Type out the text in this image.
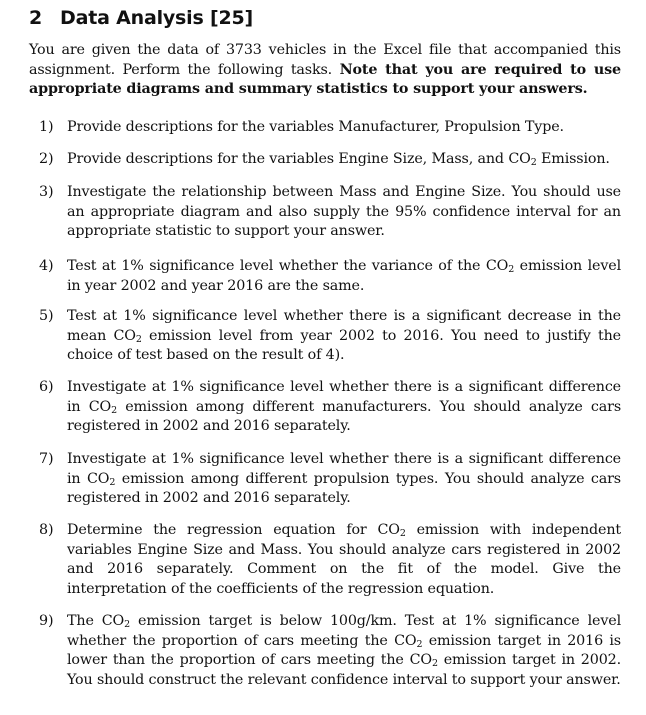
2 Data Analysis [25]
You are given the data of 3733 vehicles in the Excel file that accompanied this assignment. Perform the following tasks. Note that you are required to use appropriate diagrams and summary statistics to support your answers.
1) Provide descriptions for the variables Manufacturer, Propulsion Type.
2) Provide descriptions for the variables Engine Size, Mass, and $CO_2$ Emission.
3) Investigate the relationship between Mass and Engine Size. You should use an appropriate diagram and also supply the 95% confidence interval for an appropriate statistic to support your answer.
4) Test at 1% significance level whether the variance of the $CO_2$ emission level in year 2002 and year 2016 are the same.
5) Test at 1% significance level whether there is a significant decrease in the mean $CO_2$ emission level from year 2002 to 2016. You need to justify the choice of test based on the result of 4).
6) Investigate at 1% significance level whether there is a significant difference in $CO_2$ emission among different manufacturers. You should analyze cars registered in 2002 and 2016 separately.
7) Investigate at 1% significance level whether there is a significant difference in $CO_2$ emission among different propulsion types. You should analyze cars registered in 2002 and 2016 separately.
8) Determine the regression equation for $CO_2$ emission with independent variables Engine Size and Mass. You should analyze cars registered in 2002 and 2016 separately. Comment on the fit of the model. Give the interpretation of the coefficients of the regression equation.
9) The $CO_2$ emission target is below 100g/km. Test at 1% significance level whether the proportion of cars meeting the $CO_2$ emission target in 2016 is lower than the proportion of cars meeting the $CO_2$ emission target in 2002. You should construct the relevant confidence interval to support your answer.
